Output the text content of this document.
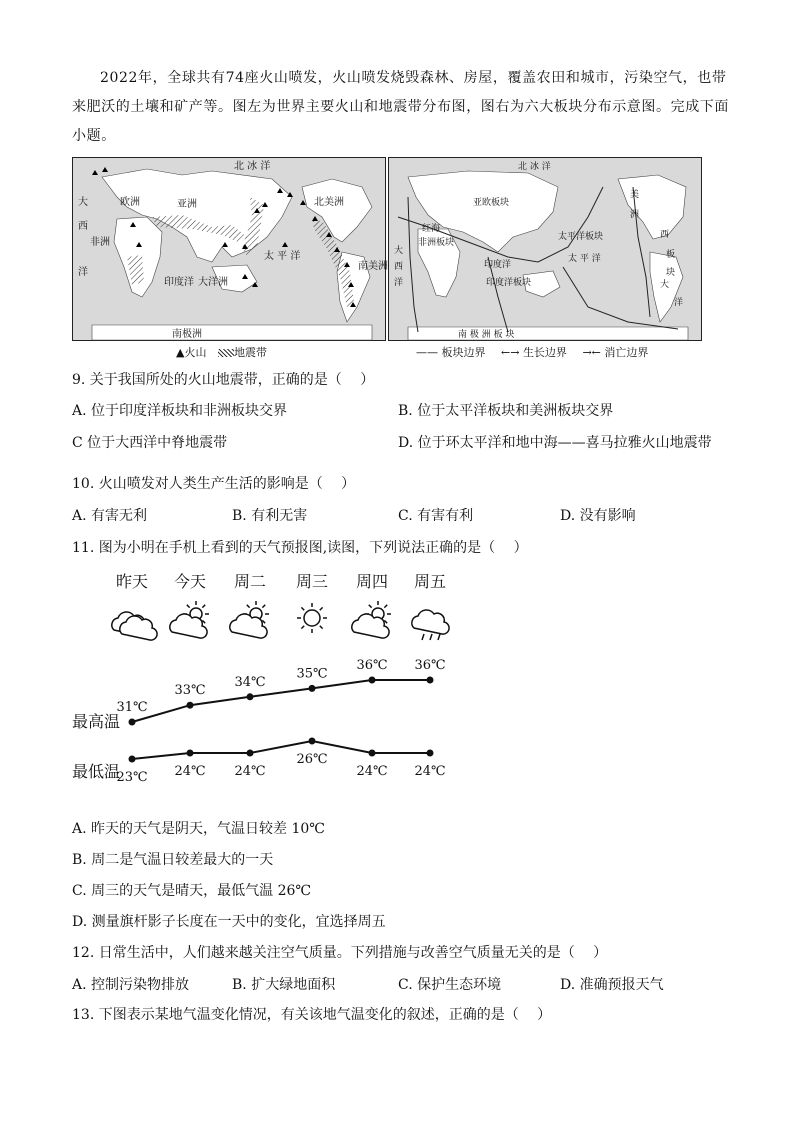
2022年，全球共有74座火山喷发，火山喷发烧毁森林、房屋，覆盖农田和城市，污染空气，也带来肥沃的土壤和矿产等。图左为世界主要火山和地震带分布图，图右为六大板块分布示意图。完成下面小题。
北 冰 洋
亚洲
欧洲	北美洲
非洲
大
西
洋
印度洋 大洋洲
太 平 洋
南美洲
南极洲
北 冰 洋
亚欧板块
美
洲
板
块
太平洋板块
太 平 洋
印度洋板块
印度洋
非洲板块
大
西
洋
南 极 洲 板 块
红海
大
西
洋
▲火山	地震带	—— 板块边界 ←→ 生长边界 →← 消亡边界
9. 关于我国所处的火山地震带，正确的是（　 ）
A. 位于印度洋板块和非洲板块交界	B. 位于太平洋板块和美洲板块交界
C 位于大西洋中脊地震带	D. 位于环太平洋和地中海——喜马拉雅火山地震带
10. 火山喷发对人类生产生活的影响是（　 ）
A. 有害无利	B. 有利无害	C. 有害有利	D. 没有影响
11. 图为小明在手机上看到的天气预报图,读图，下列说法正确的是（　 ）
昨天 今天 周二 周三 周四 周五
31℃
33℃
34℃
35℃
36℃ 36℃
23℃ 24℃ 24℃
26℃
24℃ 24℃
最高温
最低温
A. 昨天的天气是阴天，气温日较差 10℃
B. 周二是气温日较差最大的一天
C. 周三的天气是晴天，最低气温 26℃
D. 测量旗杆影子长度在一天中的变化，宜选择周五
12. 日常生活中，人们越来越关注空气质量。下列措施与改善空气质量无关的是（　 ）
A. 控制污染物排放	B. 扩大绿地面积	C. 保护生态环境	D. 准确预报天气
13. 下图表示某地气温变化情况，有关该地气温变化的叙述，正确的是（　 ）
